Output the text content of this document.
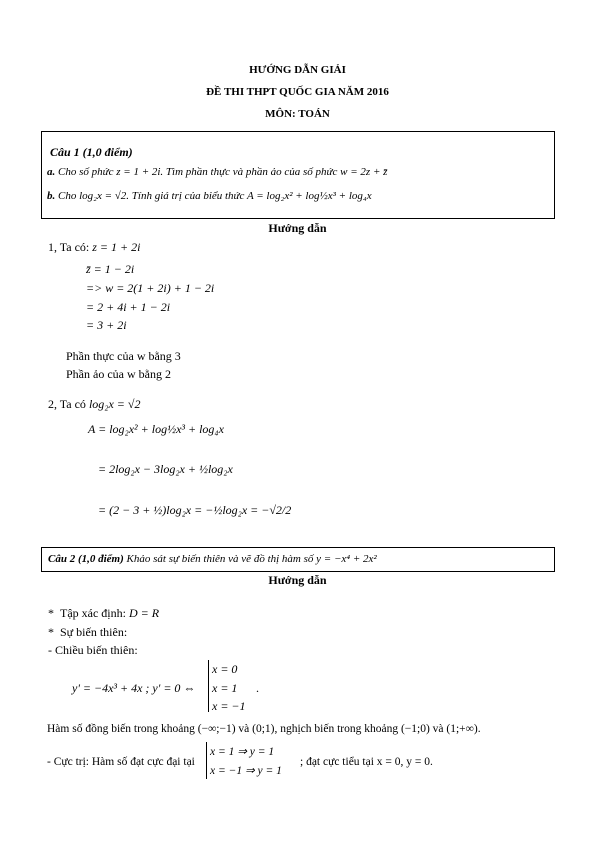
HƯỚNG DẪN GIẢI
ĐỀ THI THPT QUỐC GIA NĂM 2016
MÔN: TOÁN
Câu 1 (1,0 điểm)
a. Cho số phức z = 1 + 2i. Tìm phần thực và phần ảo của số phức w = 2z + z̄
b. Cho log₂x = √2. Tính giá trị của biểu thức A = log₂x² + log½x³ + log₄x
Hướng dẫn
1, Ta có: z = 1 + 2i
z̄ = 1 − 2i
=> w = 2(1 + 2i) + 1 − 2i
= 2 + 4i + 1 − 2i
= 3 + 2i
Phần thực của w bằng 3
Phần ảo của w bằng 2
2, Ta có log₂x = √2
A = log₂x² + log½x³ + log₄x
= 2log₂x − 3log₂x + ½log₂x
= (2 − 3 + ½)log₂x = −½log₂x = −√2/2
Câu 2 (1,0 điểm) Khảo sát sự biến thiên và vẽ đồ thị hàm số y = −x⁴ + 2x²
Hướng dẫn
*  Tập xác định: D = R
*  Sự biến thiên:
- Chiều biến thiên:
y' = −4x³ + 4x ; y' = 0 ⇔
x = 0
x = 1
x = −1
.
Hàm số đồng biến trong khoảng (−∞;−1) và (0;1), nghịch biến trong khoảng (−1;0) và (1;+∞).
- Cực trị: Hàm số đạt cực đại tại
x = 1 ⇒ y = 1
x = −1 ⇒ y = 1
; đạt cực tiểu tại x = 0, y = 0.
